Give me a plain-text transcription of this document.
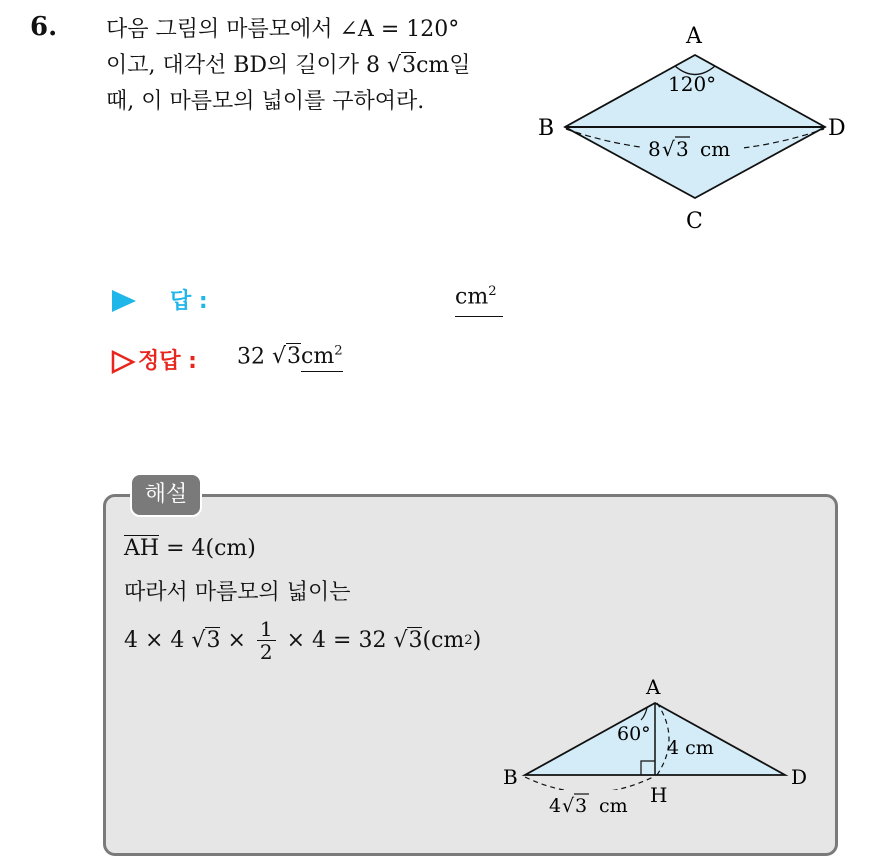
6. 다음 그림의 마름모에서 ∠A = 120°
이고, 대각선 BD의 길이가 8 √3cm일
때, 이 마름모의 넓이를 구하여라.
A
B
C
D
120°
8 √ 3 cm
답 :	$cm^2$
정답 : 32 $√3cm^2$
해설
AH = 4(cm)
따라서 마름모의 넓이는
4 × 4
$√3 \times \frac{1}{2} \times 4 = 32$
√3 (cm 2 )
A
B
H
D
60°
4 cm
4 √ 3 cm
